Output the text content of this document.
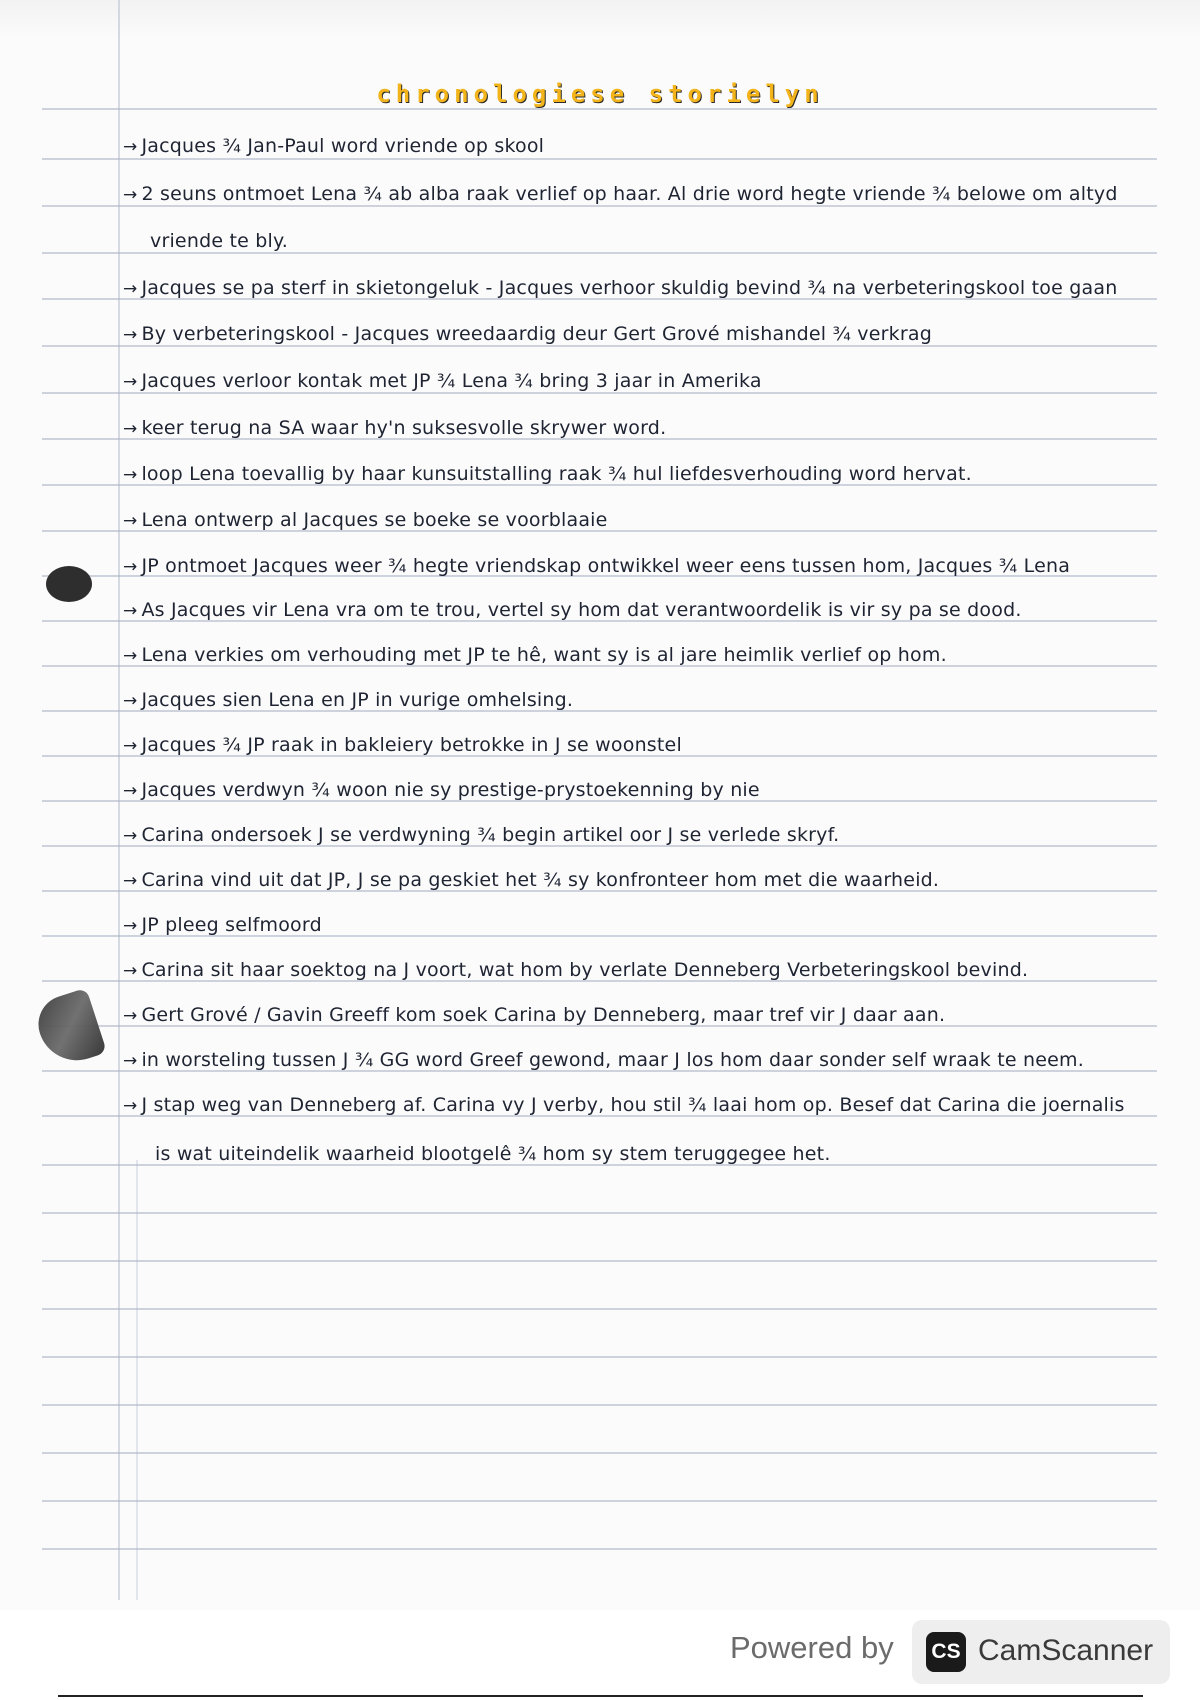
chronologiese storielyn
→ Jacques ¾ Jan-Paul word vriende op skool
→ 2 seuns ontmoet Lena ¾ ab alba raak verlief op haar. Al drie word hegte vriende ¾ belowe om altyd
vriende te bly.
→ Jacques se pa sterf in skietongeluk - Jacques verhoor skuldig bevind ¾ na verbeteringskool toe gaan
→ By verbeteringskool - Jacques wreedaardig deur Gert Grové mishandel ¾ verkrag
→ Jacques verloor kontak met JP ¾ Lena ¾ bring 3 jaar in Amerika
→ keer terug na SA waar hy'n suksesvolle skrywer word.
→ loop Lena toevallig by haar kunsuitstalling raak ¾ hul liefdesverhouding word hervat.
→ Lena ontwerp al Jacques se boeke se voorblaaie
→ JP ontmoet Jacques weer ¾ hegte vriendskap ontwikkel weer eens tussen hom, Jacques ¾ Lena
→ As Jacques vir Lena vra om te trou, vertel sy hom dat verantwoordelik is vir sy pa se dood.
→ Lena verkies om verhouding met JP te hê, want sy is al jare heimlik verlief op hom.
→ Jacques sien Lena en JP in vurige omhelsing.
→ Jacques ¾ JP raak in bakleiery betrokke in J se woonstel
→ Jacques verdwyn ¾ woon nie sy prestige-prystoekenning by nie
→ Carina ondersoek J se verdwyning ¾ begin artikel oor J se verlede skryf.
→ Carina vind uit dat JP, J se pa geskiet het ¾ sy konfronteer hom met die waarheid.
→ JP pleeg selfmoord
→ Carina sit haar soektog na J voort, wat hom by verlate Denneberg Verbeteringskool bevind.
→ Gert Grové / Gavin Greeff kom soek Carina by Denneberg, maar tref vir J daar aan.
→ in worsteling tussen J ¾ GG word Greef gewond, maar J los hom daar sonder self wraak te neem.
→ J stap weg van Denneberg af. Carina vy J verby, hou stil ¾ laai hom op. Besef dat Carina die joernalis
is wat uiteindelik waarheid blootgelê ¾ hom sy stem teruggegee het.
Powered by CS CamScanner
